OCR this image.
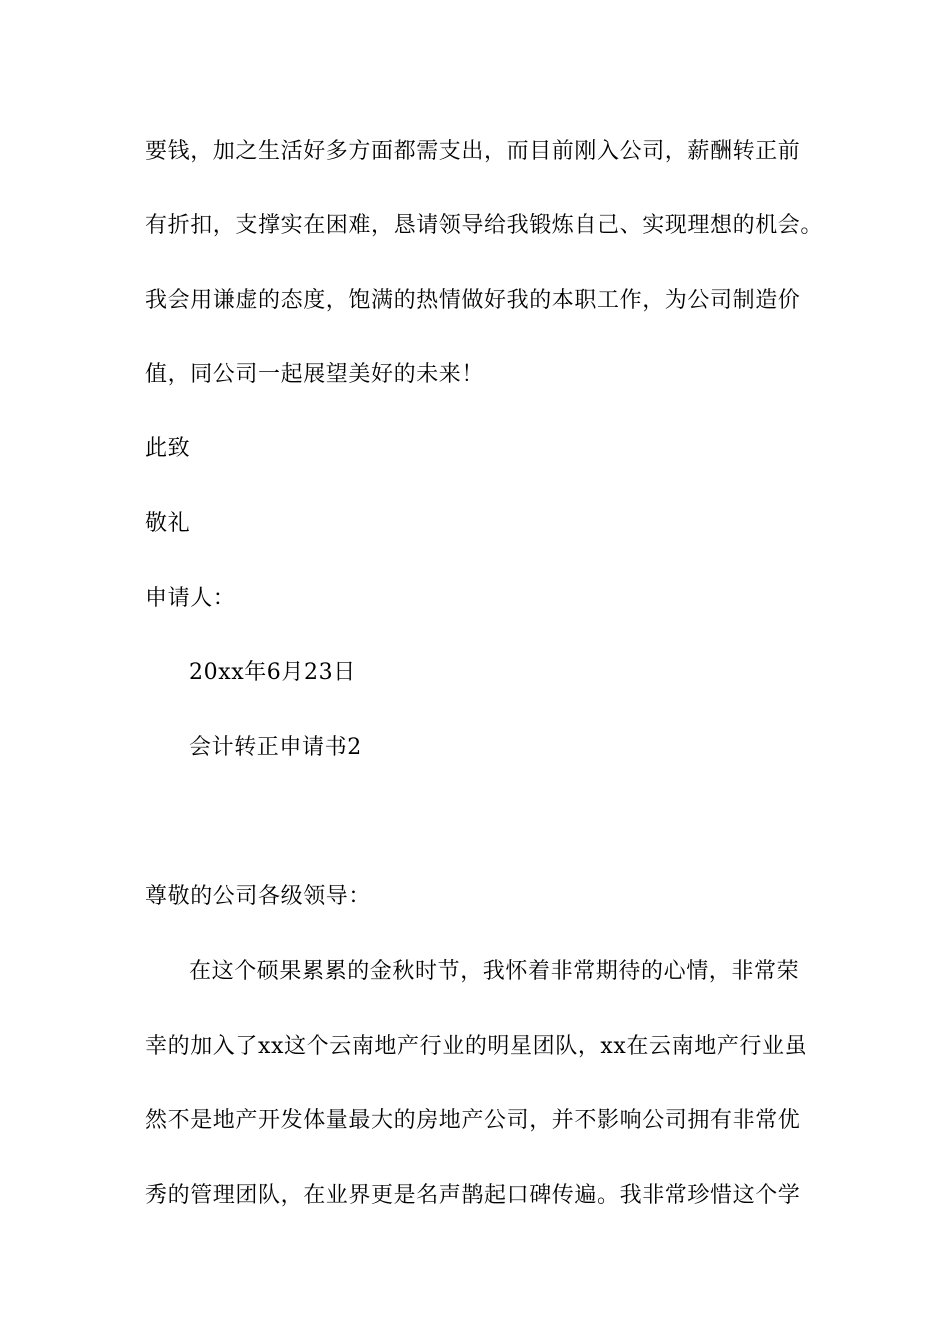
要钱，加之生活好多方面都需支出，而目前刚入公司，薪酬转正前
有折扣，支撑实在困难，恳请领导给我锻炼自己、实现理想的机会。
我会用谦虚的态度，饱满的热情做好我的本职工作，为公司制造价
值，同公司一起展望美好的未来！
此致
敬礼
申请人：
20xx年6月23日
会计转正申请书2
尊敬的公司各级领导：
在这个硕果累累的金秋时节，我怀着非常期待的心情，非常荣
幸的加入了xx这个云南地产行业的明星团队，xx在云南地产行业虽
然不是地产开发体量最大的房地产公司，并不影响公司拥有非常优
秀的管理团队，在业界更是名声鹊起口碑传遍。我非常珍惜这个学
